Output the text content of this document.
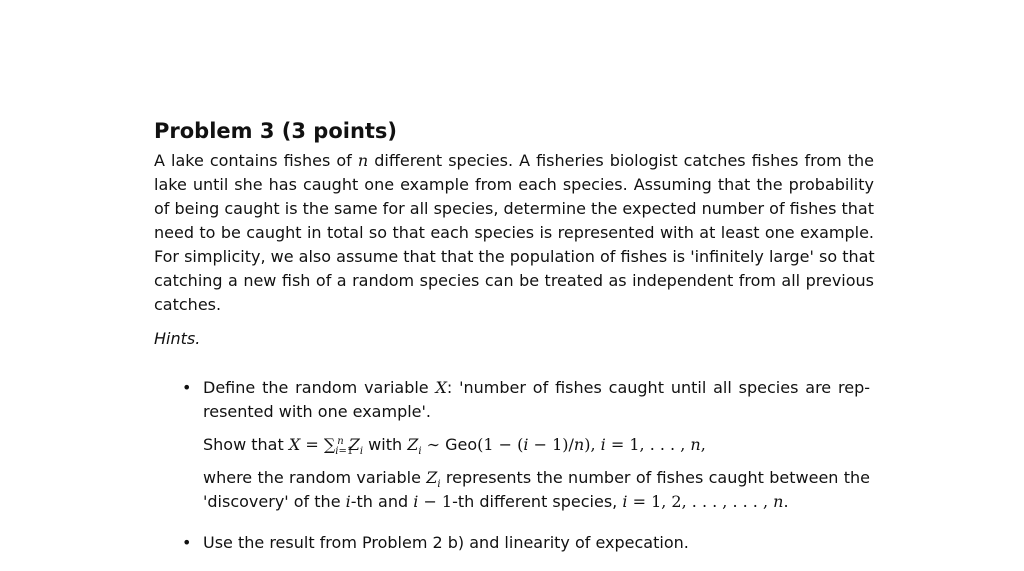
Problem 3 (3 points)
A lake contains fishes of n different species. A fisheries biologist catches fishes from the
lake until she has caught one example from each species. Assuming that the probability
of being caught is the same for all species, determine the expected number of fishes that
need to be caught in total so that each species is represented with at least one example.
For simplicity, we also assume that that the population of fishes is 'infinitely large' so that
catching a new fish of a random species can be treated as independent from all previous
catches.
Hints.
• Define the random variable X: 'number of fishes caught until all species are rep-
resented with one example'.
Show that $X = \sum_{i=1}^n$ $Z_i$ with $Z_i$ ∼ Geo(1 − (i − 1)/n), i = 1, . . . , n,
where the random variable $Z_i$ represents the number of fishes caught between the
'discovery' of the i-th and i − 1-th different species, i = 1, 2, . . . , . . . , n.
• Use the result from Problem 2 b) and linearity of expecation.
